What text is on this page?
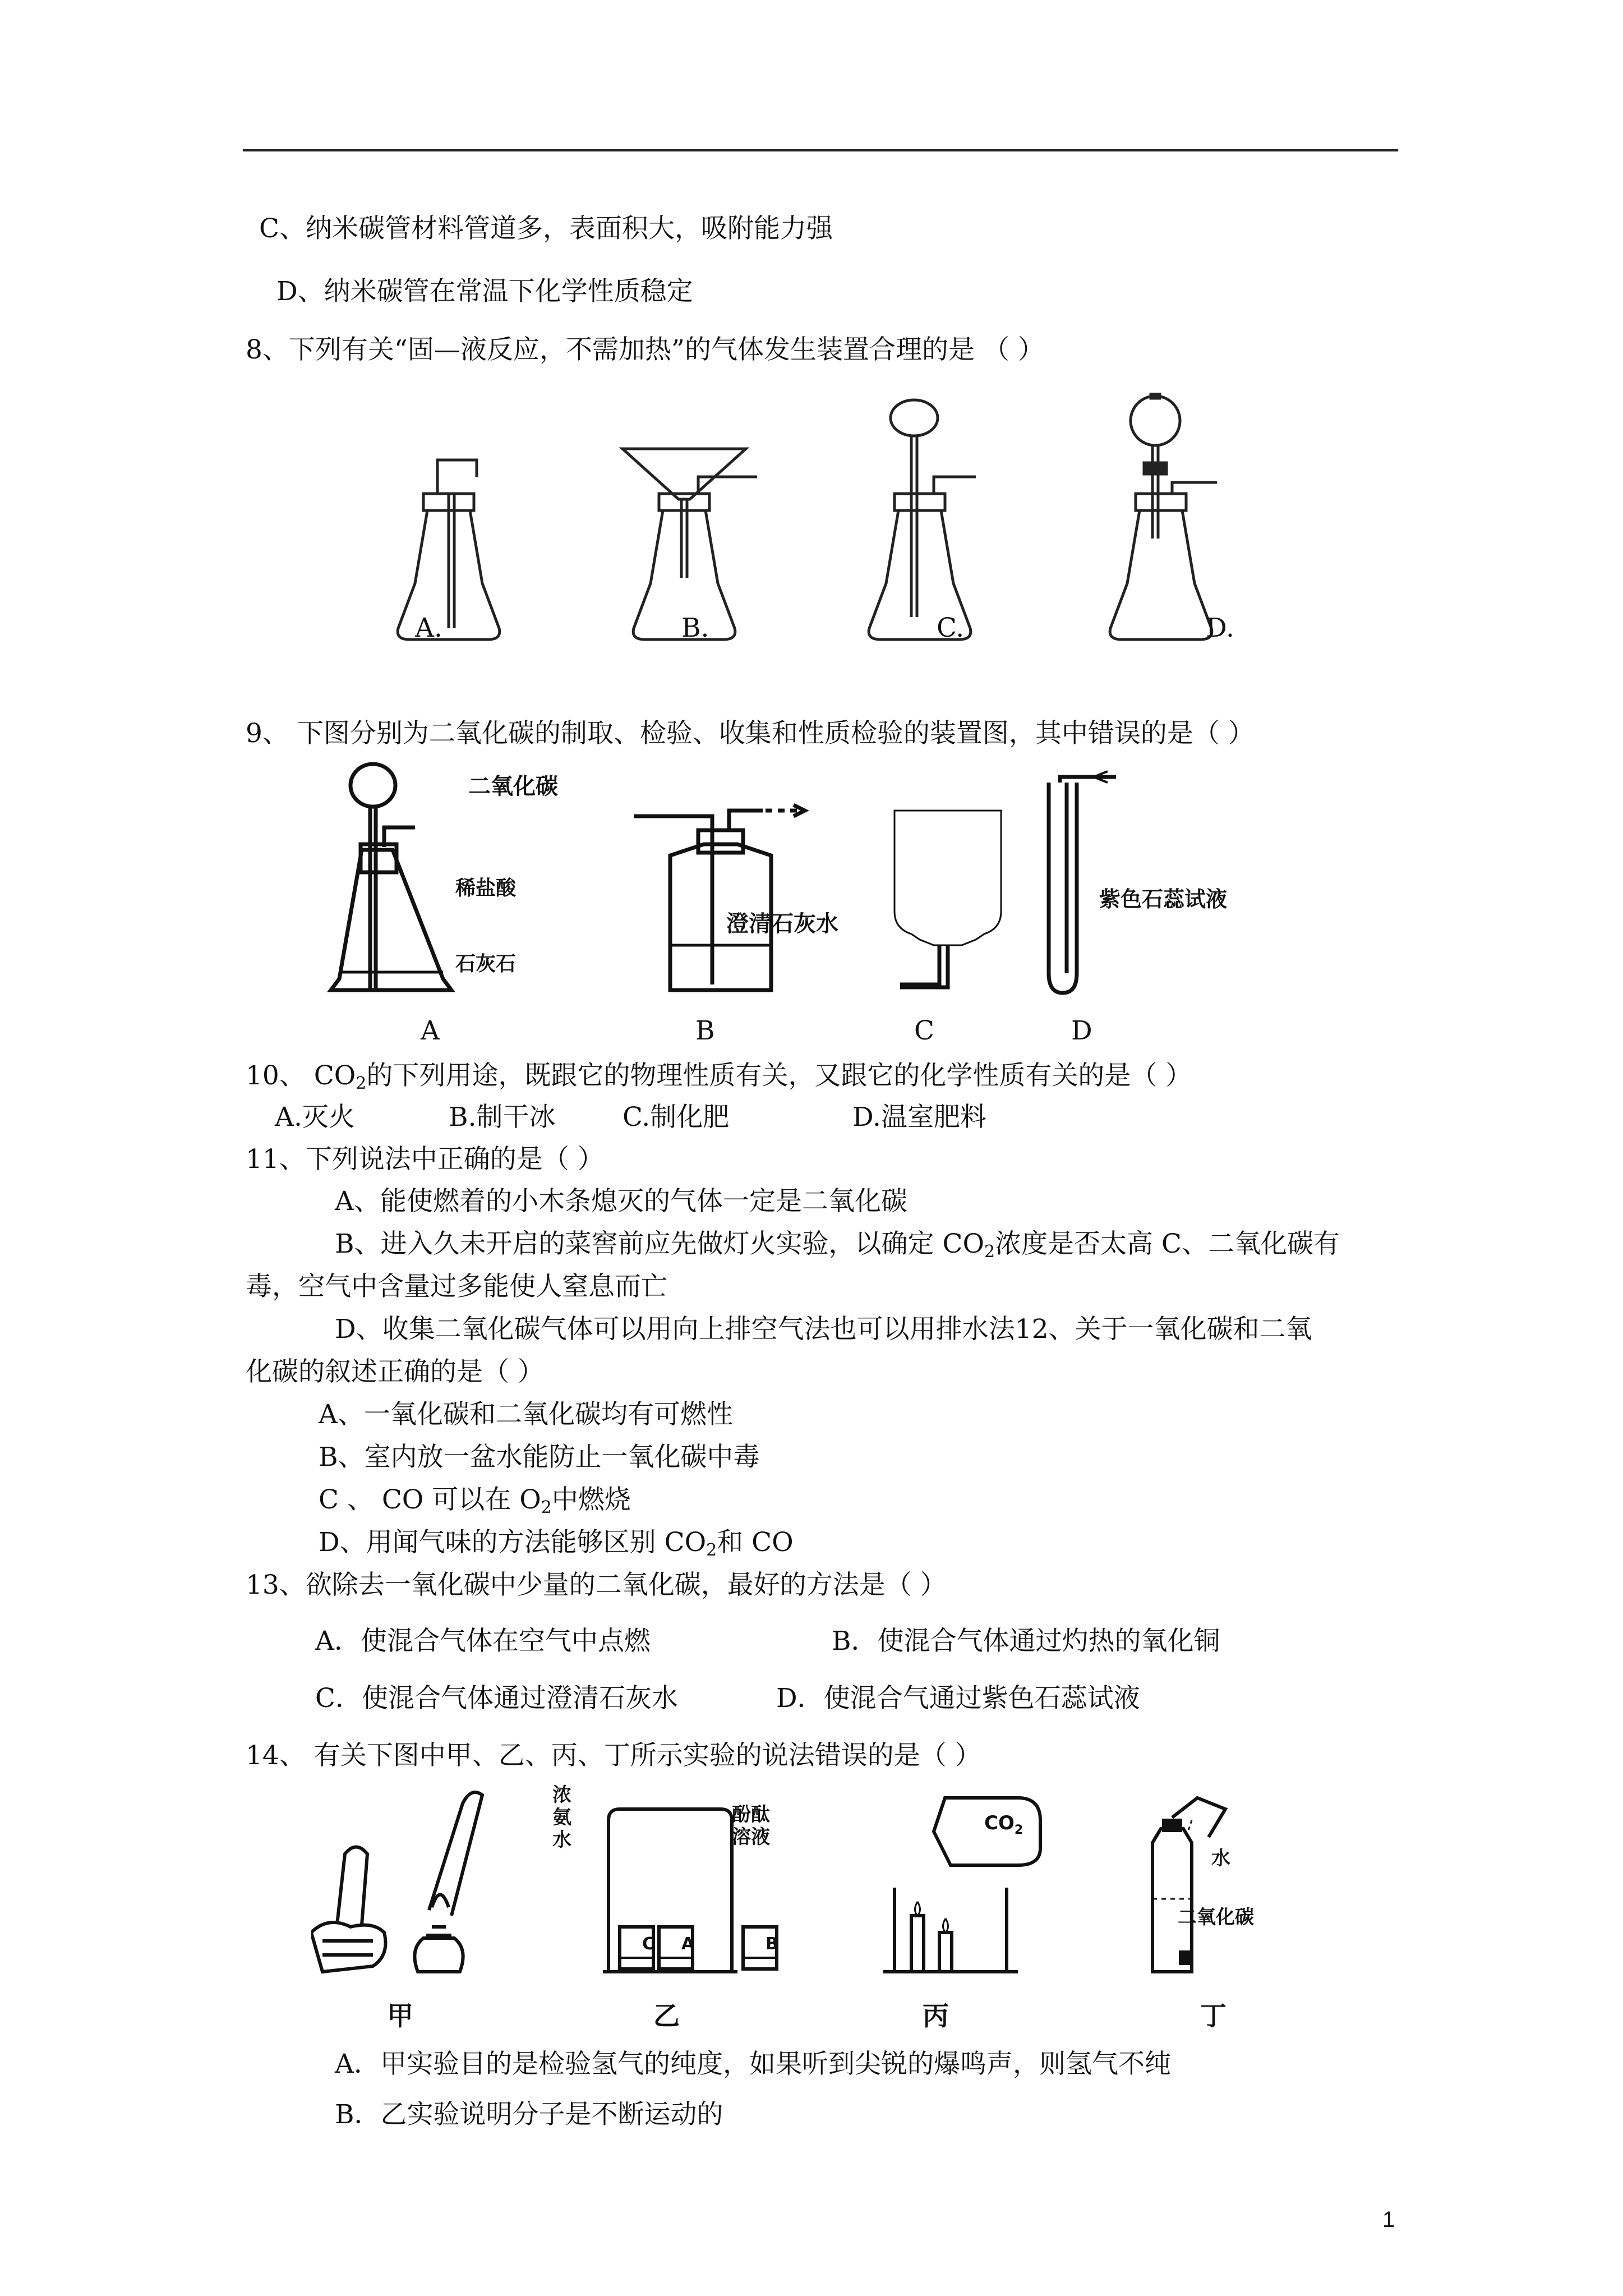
C、纳米碳管材料管道多，表面积大，吸附能力强
D、纳米碳管在常温下化学性质稳定
8、下列有关“固—液反应，不需加热”的气体发生装置合理的是 （ ）
A.	B.	C.	D.
9、 下图分别为二氧化碳的制取、检验、收集和性质检验的装置图，其中错误的是（ ）
二氧化碳
稀盐酸
石灰石
澄清石灰水
紫色石蕊试液
A	B	C	D
10、 $CO_2$的下列用途，既跟它的物理性质有关，又跟它的化学性质有关的是（ ）
A.灭火	B.制干冰	C.制化肥	D.温室肥料
11、下列说法中正确的是（ ）
A、能使燃着的小木条熄灭的气体一定是二氧化碳
B、进入久未开启的菜窖前应先做灯火实验，以确定 $CO_2$浓度是否太高 C、二氧化碳有
毒，空气中含量过多能使人窒息而亡
D、收集二氧化碳气体可以用向上排空气法也可以用排水法12、关于一氧化碳和二氧
化碳的叙述正确的是（ ）
A、一氧化碳和二氧化碳均有可燃性
B、室内放一盆水能防止一氧化碳中毒
C 、 CO 可以在 $O_2$中燃烧
D、用闻气味的方法能够区别 $CO_2$和 CO
13、欲除去一氧化碳中少量的二氧化碳，最好的方法是（ ）
A．使混合气体在空气中点燃	B．使混合气体通过灼热的氧化铜
C．使混合气体通过澄清石灰水	D．使混合气通过紫色石蕊试液
14、 有关下图中甲、乙、丙、丁所示实验的说法错误的是（ ）
浓
氨
水
酚酞
溶液
C A	B
$CO_2$
水
二氧化碳
甲	乙	丙	丁
A．甲实验目的是检验氢气的纯度，如果听到尖锐的爆鸣声，则氢气不纯
B．乙实验说明分子是不断运动的
1
